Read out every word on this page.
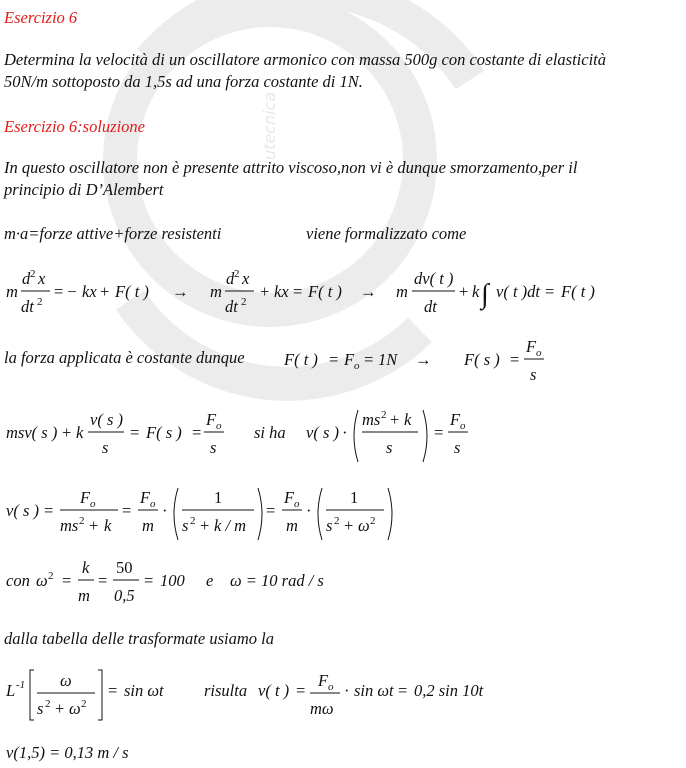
utecnica
Esercizio 6
Determina la velocità di un oscillatore armonico con massa 500g con costante di elasticità
50N/m sottoposto da 1,5s ad una forza costante di 1N.
Esercizio 6:soluzione
In questo oscillatore non è presente attrito viscoso,non vi è dunque smorzamento,per il
principio di D’Alembert
m·a=forze attive+forze resistenti	viene formalizzato come
m
d 2 x
dt 2
= − kx + F( t ) → m
d 2 x
dt 2
+ kx = F( t ) → m
dv( t )
dt
+ k ∫ v( t )dt = F( t )
la forza applicata è costante dunque F( t ) = F o = 1N → F( s ) =
F o
s
msv( s ) + k
v( s )
s
= F( s ) =
F o
s
si ha v( s ) ·
ms 2 + k
s
=
F o
s
v( s ) =
F o
ms 2 + k
=
F o
m
·
1
s 2 + k / m
=
F o
m
·
1
s 2 + ω 2
con ω 2 =
k
m
=
50
0,5
= 100 e ω = 10 rad / s
dalla tabella delle trasformate usiamo la
L -1 ω
s 2 + ω 2
= sin ωt risulta v( t ) =
F o
mω
· sin ωt = 0,2 sin 10t
v(1,5) = 0,13 m / s
